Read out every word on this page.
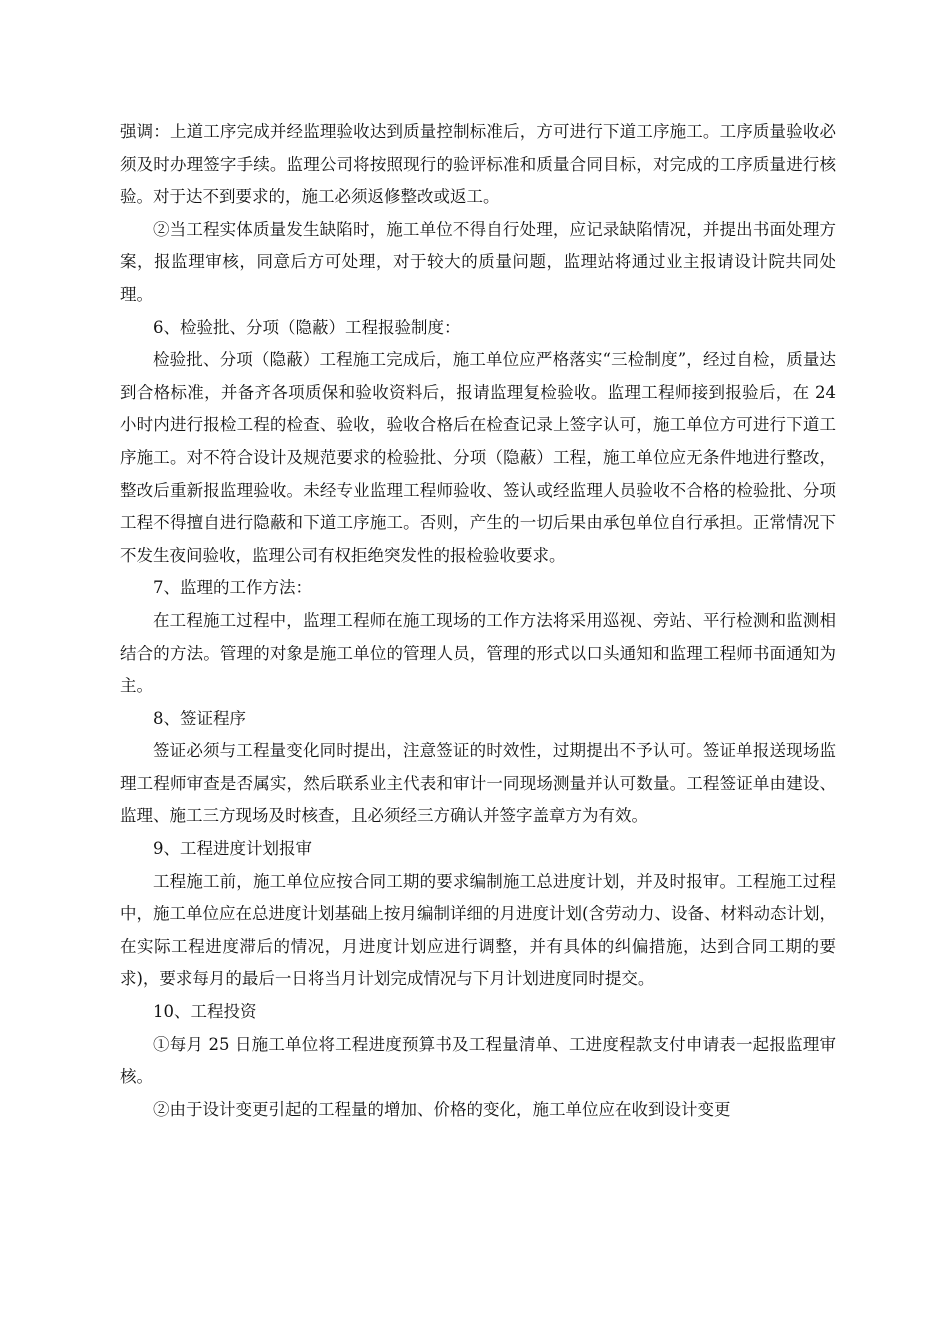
强调：上道工序完成并经监理验收达到质量控制标准后，方可进行下道工序施工。工序质量验收必须及时办理签字手续。监理公司将按照现行的验评标准和质量合同目标，对完成的工序质量进行核验。对于达不到要求的，施工必须返修整改或返工。

②当工程实体质量发生缺陷时，施工单位不得自行处理，应记录缺陷情况，并提出书面处理方案，报监理审核，同意后方可处理，对于较大的质量问题，监理站将通过业主报请设计院共同处理。

6、检验批、分项（隐蔽）工程报验制度：

检验批、分项（隐蔽）工程施工完成后，施工单位应严格落实“三检制度”，经过自检，质量达到合格标准，并备齐各项质保和验收资料后，报请监理复检验收。监理工程师接到报验后，在 24 小时内进行报检工程的检查、验收，验收合格后在检查记录上签字认可，施工单位方可进行下道工序施工。对不符合设计及规范要求的检验批、分项（隐蔽）工程，施工单位应无条件地进行整改，整改后重新报监理验收。未经专业监理工程师验收、签认或经监理人员验收不合格的检验批、分项工程不得擅自进行隐蔽和下道工序施工。否则，产生的一切后果由承包单位自行承担。正常情况下不发生夜间验收，监理公司有权拒绝突发性的报检验收要求。

7、监理的工作方法：

在工程施工过程中，监理工程师在施工现场的工作方法将采用巡视、旁站、平行检测和监测相结合的方法。管理的对象是施工单位的管理人员，管理的形式以口头通知和监理工程师书面通知为主。

8、签证程序

签证必须与工程量变化同时提出，注意签证的时效性，过期提出不予认可。签证单报送现场监理工程师审查是否属实，然后联系业主代表和审计一同现场测量并认可数量。工程签证单由建设、监理、施工三方现场及时核查，且必须经三方确认并签字盖章方为有效。

9、工程进度计划报审

工程施工前，施工单位应按合同工期的要求编制施工总进度计划，并及时报审。工程施工过程中，施工单位应在总进度计划基础上按月编制详细的月进度计划(含劳动力、设备、材料动态计划，在实际工程进度滞后的情况，月进度计划应进行调整，并有具体的纠偏措施，达到合同工期的要求)，要求每月的最后一日将当月计划完成情况与下月计划进度同时提交。

10、工程投资

①每月 25 日施工单位将工程进度预算书及工程量清单、工进度程款支付申请表一起报监理审核。

②由于设计变更引起的工程量的增加、价格的变化，施工单位应在收到设计变更
